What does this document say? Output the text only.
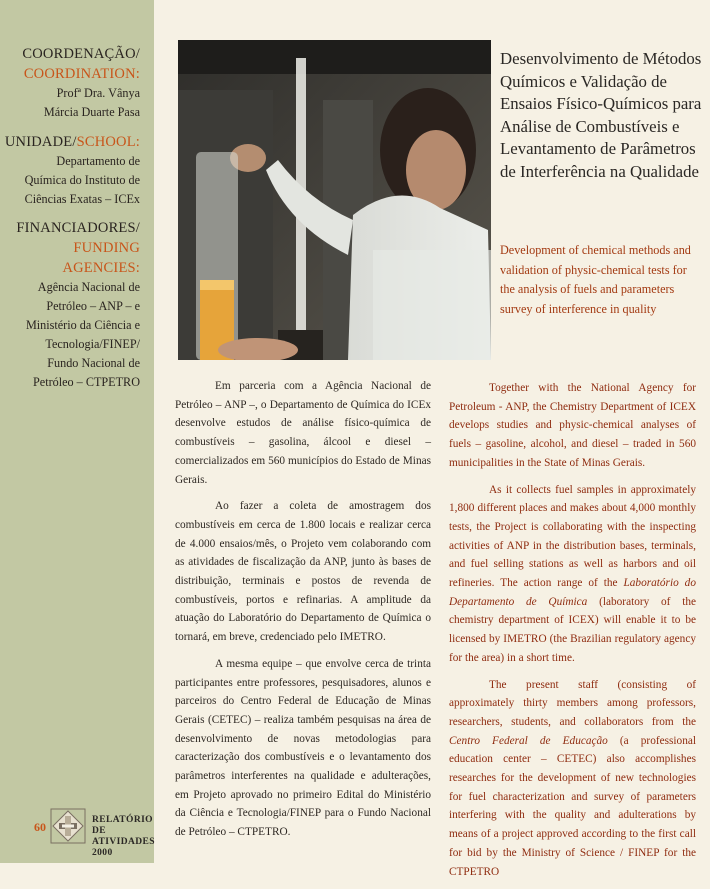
COORDENAÇÃO/
COORDINATION:
Profª Dra. Vânya
Márcia Duarte Pasa
UNIDADE/SCHOOL:
Departamento de
Química do Instituto de
Ciências Exatas – ICEx
FINANCIADORES/
FUNDING
AGENCIES:
Agência Nacional de
Petróleo – ANP – e
Ministério da Ciência e
Tecnologia/FINEP/
Fundo Nacional de
Petróleo – CTPETRO
Desenvolvimento de Métodos Químicos e Validação de Ensaios Físico-Químicos para Análise de Combustíveis e Levantamento de Parâmetros de Interferência na Qualidade
Development of chemical methods and validation of physic-chemical tests for the analysis of fuels and parameters survey of interference in quality

Em parceria com a Agência Nacional de Petróleo – ANP –, o Departamento de Química do ICEx desenvolve estudos de análise físico-química de combustíveis – gasolina, álcool e diesel – comercializados em 560 municípios do Estado de Minas Gerais.

Ao fazer a coleta de amostragem dos combustíveis em cerca de 1.800 locais e realizar cerca de 4.000 ensaios/mês, o Projeto vem colaborando com as atividades de fiscalização da ANP, junto às bases de distribuição, terminais e postos de revenda de combustíveis, portos e refinarias. A amplitude da atuação do Laboratório do Departamento de Química o tornará, em breve, credenciado pelo IMETRO.

A mesma equipe – que envolve cerca de trinta participantes entre professores, pesquisadores, alunos e parceiros do Centro Federal de Educação de Minas Gerais (CETEC) – realiza também pesquisas na área de desenvolvimento de novas metodologias para caracterização dos combustíveis e o levantamento dos parâmetros interferentes na qualidade e adulterações, em Projeto aprovado no primeiro Edital do Ministério da Ciência e Tecnologia/FINEP para o Fundo Nacional de Petróleo – CTPETRO.

Together with the National Agency for Petroleum - ANP, the Chemistry Department of ICEX develops studies and physic-chemical analyses of fuels – gasoline, alcohol, and diesel – traded in 560 municipalities in the State of Minas Gerais.

As it collects fuel samples in approximately 1,800 different places and makes about 4,000 monthly tests, the Project is collaborating with the inspecting activities of ANP in the distribution bases, terminals, and fuel selling stations as well as harbors and oil refineries. The action range of the Laboratório do Departamento de Química (laboratory of the chemistry department of ICEX) will enable it to be licensed by IMETRO (the Brazilian regulatory agency for the area) in a short time.

The present staff (consisting of approximately thirty members among professors, researchers, students, and collaborators from the Centro Federal de Educação (a professional education center – CETEC) also accomplishes researches for the development of new technologies for fuel characterization and survey of parameters interfering with the quality and adulterations by means of a project approved according to the first call for bid by the Ministry of Science / FINEP for the CTPETRO

60	RELATÓRIO DE
ATIVIDADES 2000
